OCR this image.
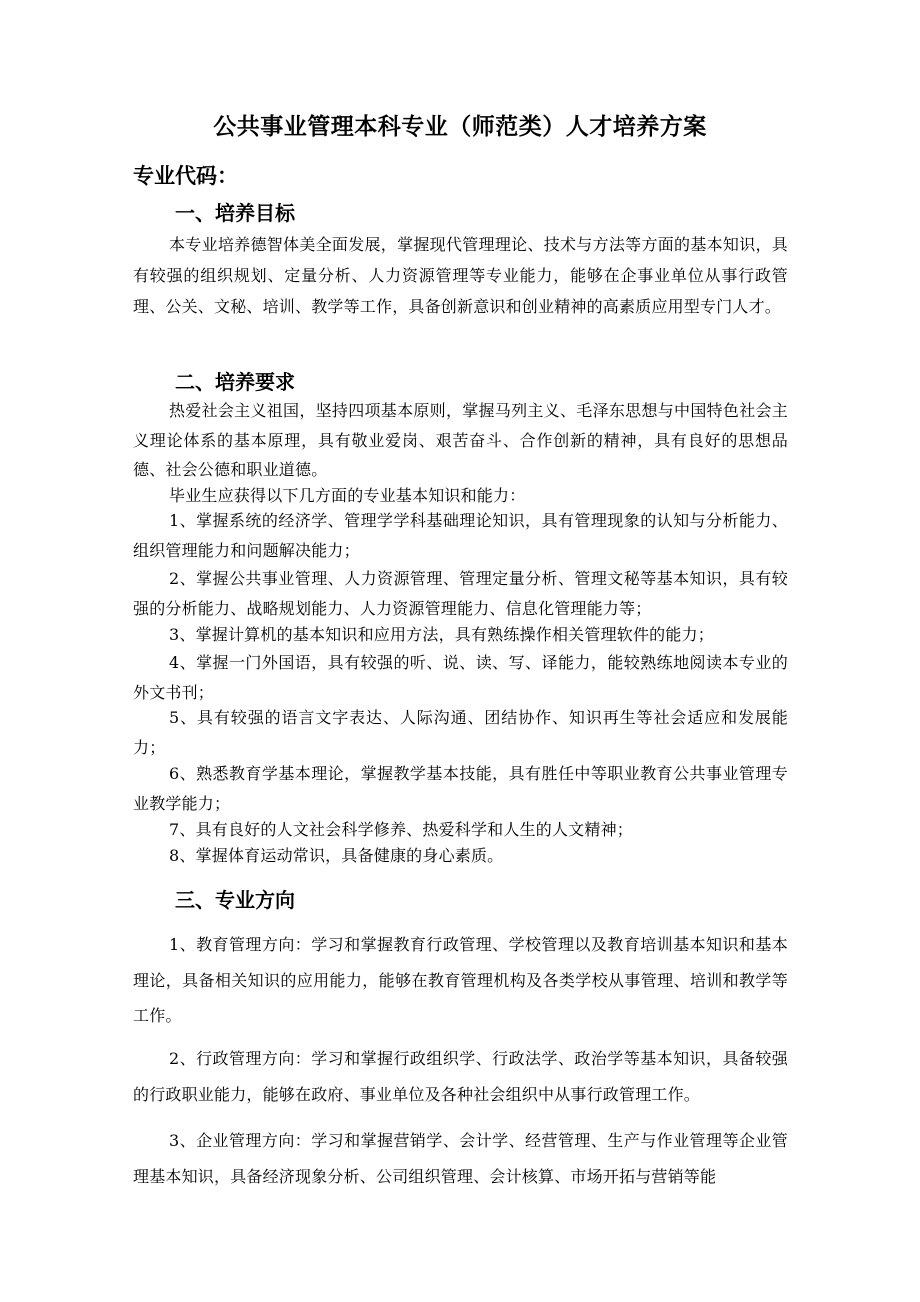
公共事业管理本科专业（师范类）人才培养方案

专业代码：

一、培养目标

本专业培养德智体美全面发展，掌握现代管理理论、技术与方法等方面的基本知识，具有较强的组织规划、定量分析、人力资源管理等专业能力，能够在企事业单位从事行政管理、公关、文秘、培训、教学等工作，具备创新意识和创业精神的高素质应用型专门人才。

二、培养要求

热爱社会主义祖国，坚持四项基本原则，掌握马列主义、毛泽东思想与中国特色社会主义理论体系的基本原理，具有敬业爱岗、艰苦奋斗、合作创新的精神，具有良好的思想品德、社会公德和职业道德。

毕业生应获得以下几方面的专业基本知识和能力：

1、掌握系统的经济学、管理学学科基础理论知识，具有管理现象的认知与分析能力、组织管理能力和问题解决能力；

2、掌握公共事业管理、人力资源管理、管理定量分析、管理文秘等基本知识，具有较强的分析能力、战略规划能力、人力资源管理能力、信息化管理能力等；

3、掌握计算机的基本知识和应用方法，具有熟练操作相关管理软件的能力；

4、掌握一门外国语，具有较强的听、说、读、写、译能力，能较熟练地阅读本专业的外文书刊；

5、具有较强的语言文字表达、人际沟通、团结协作、知识再生等社会适应和发展能力；

6、熟悉教育学基本理论，掌握教学基本技能，具有胜任中等职业教育公共事业管理专业教学能力；

7、具有良好的人文社会科学修养、热爱科学和人生的人文精神；

8、掌握体育运动常识，具备健康的身心素质。

三、专业方向

1、教育管理方向：学习和掌握教育行政管理、学校管理以及教育培训基本知识和基本理论，具备相关知识的应用能力，能够在教育管理机构及各类学校从事管理、培训和教学等工作。

2、行政管理方向：学习和掌握行政组织学、行政法学、政治学等基本知识，具备较强的行政职业能力，能够在政府、事业单位及各种社会组织中从事行政管理工作。

3、企业管理方向：学习和掌握营销学、会计学、经营管理、生产与作业管理等企业管理基本知识，具备经济现象分析、公司组织管理、会计核算、市场开拓与营销等能
